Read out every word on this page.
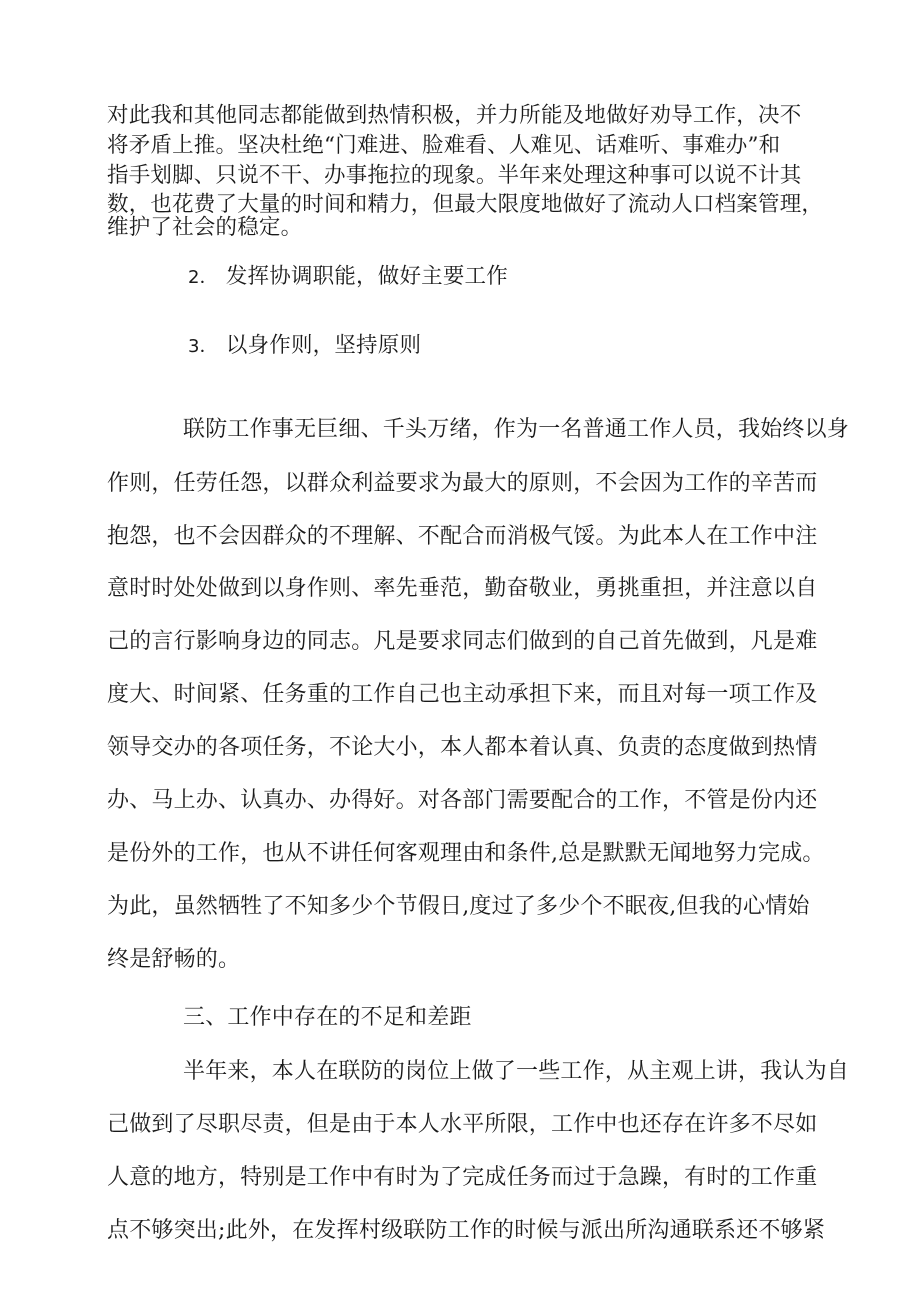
对此我和其他同志都能做到热情积极，并力所能及地做好劝导工作，决不
将矛盾上推。坚决杜绝“门难进、脸难看、人难见、话难听、事难办”和
指手划脚、只说不干、办事拖拉的现象。半年来处理这种事可以说不计其
数，也花费了大量的时间和精力，但最大限度地做好了流动人口档案管理，
维护了社会的稳定。
2． 发挥协调职能，做好主要工作
3． 以身作则，坚持原则
联防工作事无巨细、千头万绪，作为一名普通工作人员，我始终以身
作则，任劳任怨，以群众利益要求为最大的原则，不会因为工作的辛苦而
抱怨，也不会因群众的不理解、不配合而消极气馁。为此本人在工作中注
意时时处处做到以身作则、率先垂范，勤奋敬业，勇挑重担，并注意以自
己的言行影响身边的同志。凡是要求同志们做到的自己首先做到，凡是难
度大、时间紧、任务重的工作自己也主动承担下来，而且对每一项工作及
领导交办的各项任务，不论大小，本人都本着认真、负责的态度做到热情
办、马上办、认真办、办得好。对各部门需要配合的工作，不管是份内还
是份外的工作，也从不讲任何客观理由和条件,总是默默无闻地努力完成。
为此，虽然牺牲了不知多少个节假日,度过了多少个不眠夜,但我的心情始
终是舒畅的。
三、工作中存在的不足和差距
半年来，本人在联防的岗位上做了一些工作，从主观上讲，我认为自
己做到了尽职尽责，但是由于本人水平所限，工作中也还存在许多不尽如
人意的地方，特别是工作中有时为了完成任务而过于急躁，有时的工作重
点不够突出;此外，在发挥村级联防工作的时候与派出所沟通联系还不够紧
